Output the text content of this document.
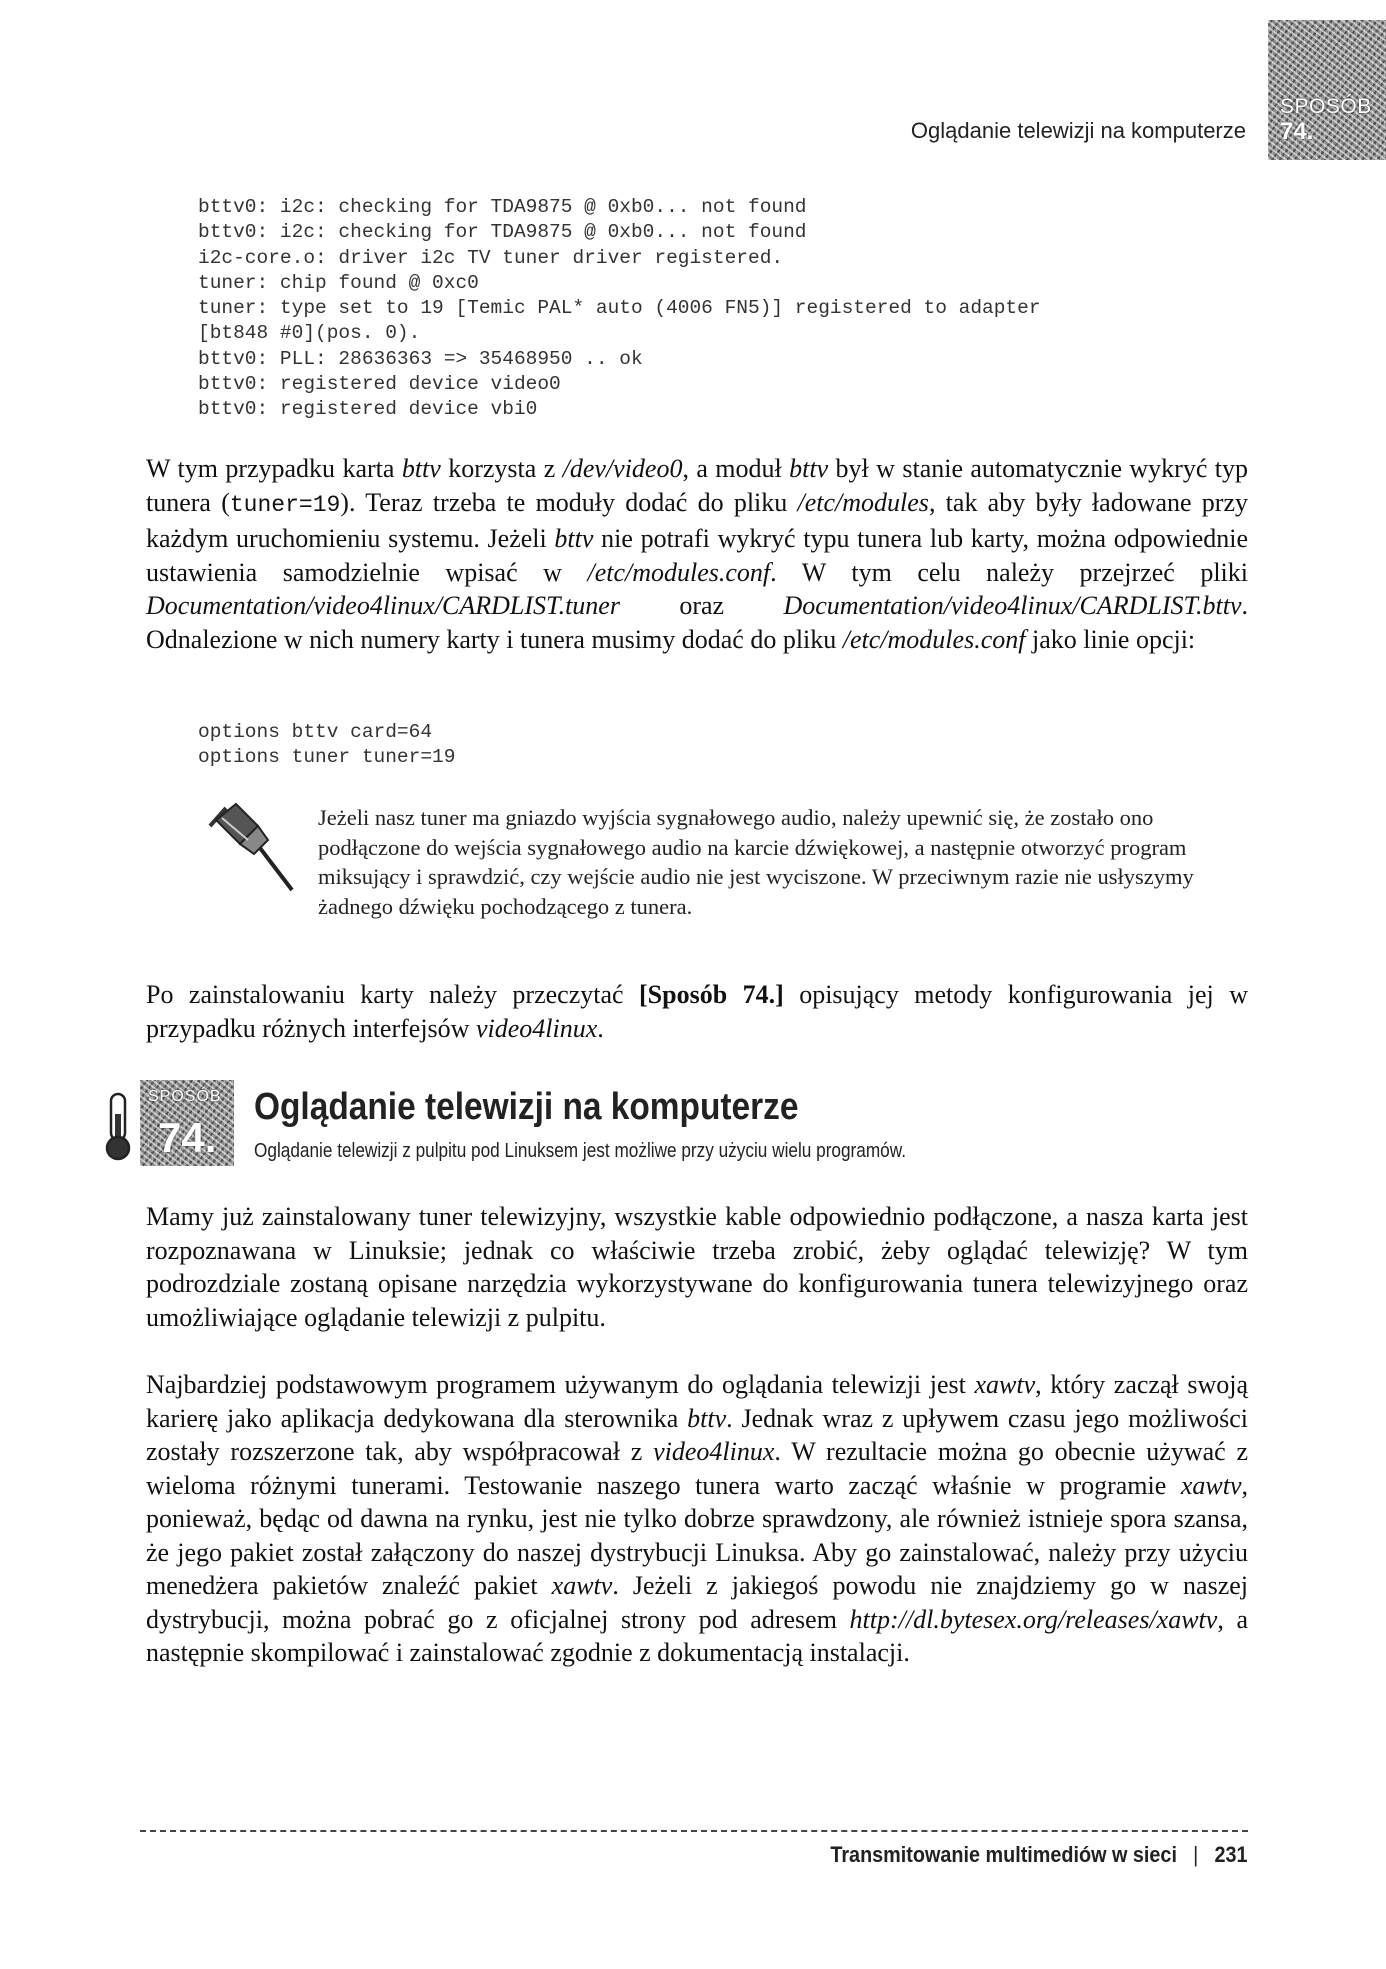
SPOSÓB
74.
Oglądanie telewizji na komputerze
bttv0: i2c: checking for TDA9875 @ 0xb0... not found
bttv0: i2c: checking for TDA9875 @ 0xb0... not found
i2c-core.o: driver i2c TV tuner driver registered.
tuner: chip found @ 0xc0
tuner: type set to 19 [Temic PAL* auto (4006 FN5)] registered to adapter
[bt848 #0](pos. 0).
bttv0: PLL: 28636363 => 35468950 .. ok
bttv0: registered device video0
bttv0: registered device vbi0

W tym przypadku karta bttv korzysta z /dev/video0, a moduł bttv był w stanie automatycznie wykryć typ tunera (tuner=19). Teraz trzeba te moduły dodać do pliku /etc/modules, tak aby były ładowane przy każdym uruchomieniu systemu. Jeżeli bttv nie potrafi wykryć typu tunera lub karty, można odpowiednie ustawienia samodzielnie wpisać w /etc/modules.conf. W tym celu należy przejrzeć pliki Documentation/video4linux/CARDLIST.tuner oraz Documentation/video4linux/CARDLIST.bttv. Odnalezione w nich numery karty i tunera musimy dodać do pliku /etc/modules.conf jako linie opcji:

options bttv card=64
options tuner tuner=19

Jeżeli nasz tuner ma gniazdo wyjścia sygnałowego audio, należy upewnić się, że zostało ono podłączone do wejścia sygnałowego audio na karcie dźwiękowej, a następnie otworzyć program miksujący i sprawdzić, czy wejście audio nie jest wyciszone. W przeciwnym razie nie usłyszymy żadnego dźwięku pochodzącego z tunera.

Po zainstalowaniu karty należy przeczytać [Sposób 74.] opisujący metody konfigurowania jej w przypadku różnych interfejsów video4linux.

SPOSÓB
74.
Oglądanie telewizji na komputerze

Oglądanie telewizji z pulpitu pod Linuksem jest możliwe przy użyciu wielu programów.

Mamy już zainstalowany tuner telewizyjny, wszystkie kable odpowiednio podłączone, a nasza karta jest rozpoznawana w Linuksie; jednak co właściwie trzeba zrobić, żeby oglądać telewizję? W tym podrozdziale zostaną opisane narzędzia wykorzystywane do konfigurowania tunera telewizyjnego oraz umożliwiające oglądanie telewizji z pulpitu.

Najbardziej podstawowym programem używanym do oglądania telewizji jest xawtv, który zaczął swoją karierę jako aplikacja dedykowana dla sterownika bttv. Jednak wraz z upływem czasu jego możliwości zostały rozszerzone tak, aby współpracował z video4linux. W rezultacie można go obecnie używać z wieloma różnymi tunerami. Testowanie naszego tunera warto zacząć właśnie w programie xawtv, ponieważ, będąc od dawna na rynku, jest nie tylko dobrze sprawdzony, ale również istnieje spora szansa, że jego pakiet został załączony do naszej dystrybucji Linuksa. Aby go zainstalować, należy przy użyciu menedżera pakietów znaleźć pakiet xawtv. Jeżeli z jakiegoś powodu nie znajdziemy go w naszej dystrybucji, można pobrać go z oficjalnej strony pod adresem http://dl.bytesex.org/releases/xawtv, a następnie skompilować i zainstalować zgodnie z dokumentacją instalacji.

Transmitowanie multimediów w sieci | 231
